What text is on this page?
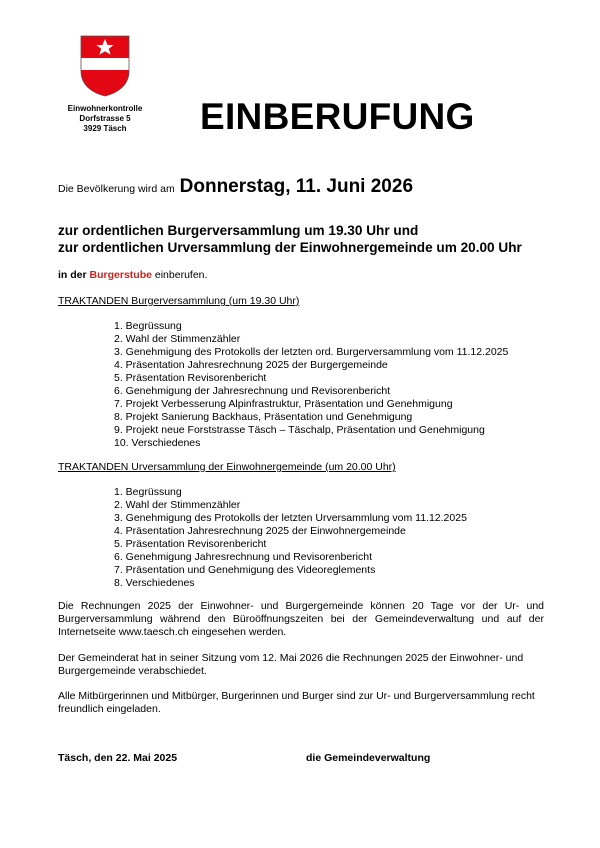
Einwohnerkontrolle
Dorfstrasse 5
3929 Täsch	EINBERUFUNG
Die Bevölkerung wird am Donnerstag, 11. Juni 2026
zur ordentlichen Burgerversammlung um 19.30 Uhr und
zur ordentlichen Urversammlung der Einwohnergemeinde um 20.00 Uhr
in der Burgerstube einberufen.
TRAKTANDEN Burgerversammlung (um 19.30 Uhr)
1. Begrüssung
2. Wahl der Stimmenzähler
3. Genehmigung des Protokolls der letzten ord. Burgerversammlung vom 11.12.2025
4. Präsentation Jahresrechnung 2025 der Burgergemeinde
5. Präsentation Revisorenbericht
6. Genehmigung der Jahresrechnung und Revisorenbericht
7. Projekt Verbesserung Alpinfrastruktur, Präsentation und Genehmigung
8. Projekt Sanierung Backhaus, Präsentation und Genehmigung
9. Projekt neue Forststrasse Täsch – Täschalp, Präsentation und Genehmigung
10. Verschiedenes
TRAKTANDEN Urversammlung der Einwohnergemeinde (um 20.00 Uhr)
1. Begrüssung
2. Wahl der Stimmenzähler
3. Genehmigung des Protokolls der letzten Urversammlung vom 11.12.2025
4. Präsentation Jahresrechnung 2025 der Einwohnergemeinde
5. Präsentation Revisorenbericht
6. Genehmigung Jahresrechnung und Revisorenbericht
7. Präsentation und Genehmigung des Videoreglements
8. Verschiedenes
Die Rechnungen 2025 der Einwohner- und Burgergemeinde können 20 Tage vor der Ur- und Burgerversammlung während den Büroöffnungszeiten bei der Gemeindeverwaltung und auf der Internetseite www.taesch.ch eingesehen werden.
Der Gemeinderat hat in seiner Sitzung vom 12. Mai 2026 die Rechnungen 2025 der Einwohner- und Burgergemeinde verabschiedet.
Alle Mitbürgerinnen und Mitbürger, Burgerinnen und Burger sind zur Ur- und Burgerversammlung recht freundlich eingeladen.
Täsch, den 22. Mai 2025	die Gemeindeverwaltung
